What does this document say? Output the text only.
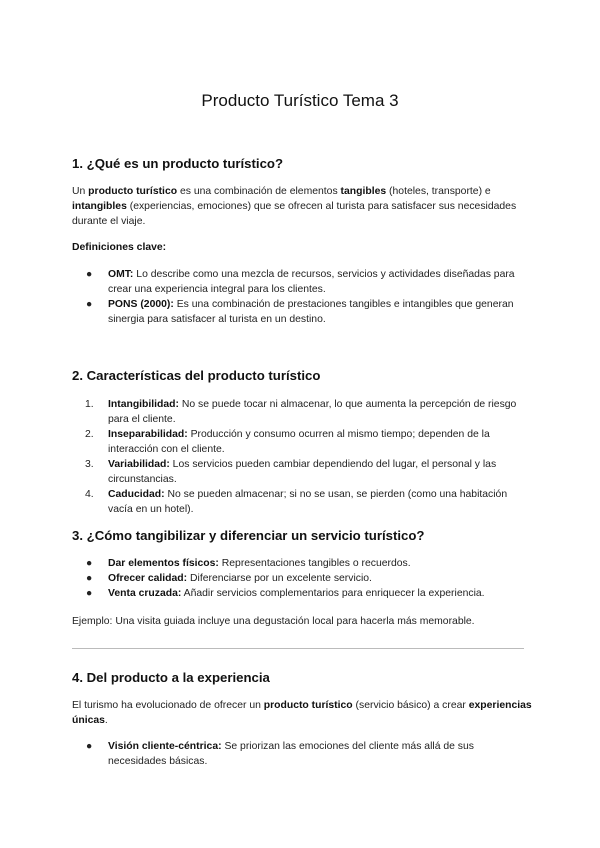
Producto Turístico Tema 3
1. ¿Qué es un producto turístico?

Un producto turístico es una combinación de elementos tangibles (hoteles, transporte) e intangibles (experiencias, emociones) que se ofrecen al turista para satisfacer sus necesidades durante el viaje.

Definiciones clave:

●	OMT: Lo describe como una mezcla de recursos, servicios y actividades diseñadas para crear una experiencia integral para los clientes.
●	PONS (2000): Es una combinación de prestaciones tangibles e intangibles que generan sinergia para satisfacer al turista en un destino.
2. Características del producto turístico
1.	Intangibilidad: No se puede tocar ni almacenar, lo que aumenta la percepción de riesgo para el cliente.
2.	Inseparabilidad: Producción y consumo ocurren al mismo tiempo; dependen de la interacción con el cliente.
3.	Variabilidad: Los servicios pueden cambiar dependiendo del lugar, el personal y las circunstancias.
4.	Caducidad: No se pueden almacenar; si no se usan, se pierden (como una habitación vacía en un hotel).
3. ¿Cómo tangibilizar y diferenciar un servicio turístico?
●	Dar elementos físicos: Representaciones tangibles o recuerdos.
●	Ofrecer calidad: Diferenciarse por un excelente servicio.
●	Venta cruzada: Añadir servicios complementarios para enriquecer la experiencia.

Ejemplo: Una visita guiada incluye una degustación local para hacerla más memorable.

4. Del producto a la experiencia

El turismo ha evolucionado de ofrecer un producto turístico (servicio básico) a crear experiencias únicas.

●	Visión cliente-céntrica: Se priorizan las emociones del cliente más allá de sus necesidades básicas.
